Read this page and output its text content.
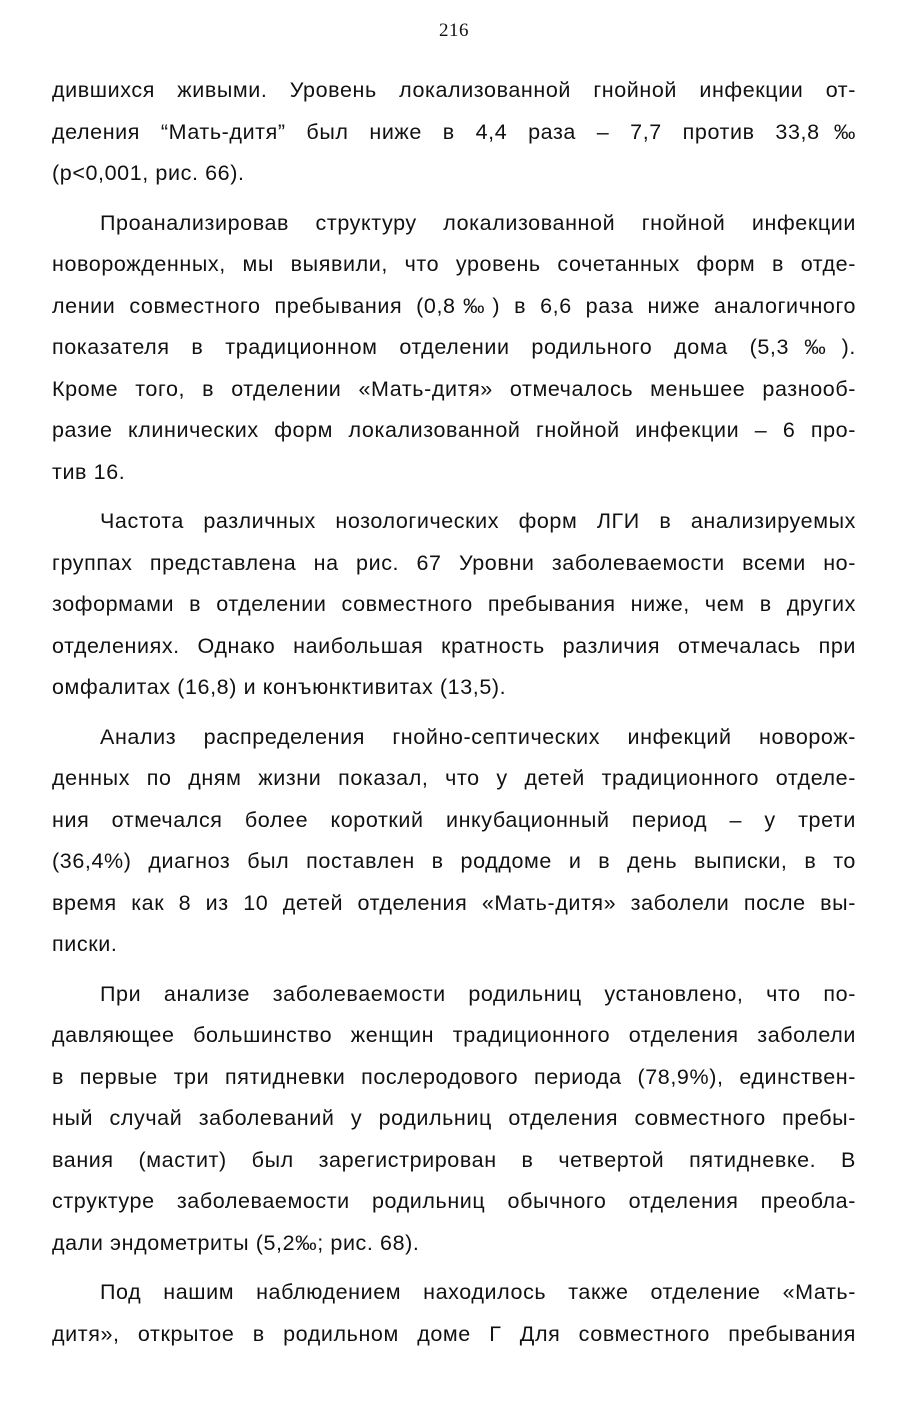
216
дившихся живыми. Уровень локализованной гнойной инфекции от-
деления “Мать-дитя” был ниже в 4,4 раза – 7,7 против 33,8‰
(p<0,001, рис. 66).
Проанализировав структуру локализованной гнойной инфекции
новорожденных, мы выявили, что уровень сочетанных форм в отде-
лении совместного пребывания (0,8‰) в 6,6 раза ниже аналогичного
показателя в традиционном отделении родильного дома (5,3‰).
Кроме того, в отделении «Мать-дитя» отмечалось меньшее разнооб-
разие клинических форм локализованной гнойной инфекции – 6 про-
тив 16.
Частота различных нозологических форм ЛГИ в анализируемых
группах представлена на рис. 67 Уровни заболеваемости всеми но-
зоформами в отделении совместного пребывания ниже, чем в других
отделениях. Однако наибольшая кратность различия отмечалась при
омфалитах (16,8) и конъюнктивитах (13,5).
Анализ распределения гнойно-септических инфекций новорож-
денных по дням жизни показал, что у детей традиционного отделе-
ния отмечался более короткий инкубационный период – у трети
(36,4%) диагноз был поставлен в роддоме и в день выписки, в то
время как 8 из 10 детей отделения «Мать-дитя» заболели после вы-
писки.
При анализе заболеваемости родильниц установлено, что по-
давляющее большинство женщин традиционного отделения заболели
в первые три пятидневки послеродового периода (78,9%), единствен-
ный случай заболеваний у родильниц отделения совместного пребы-
вания (мастит) был зарегистрирован в четвертой пятидневке. В
структуре заболеваемости родильниц обычного отделения преобла-
дали эндометриты (5,2‰; рис. 68).
Под нашим наблюдением находилось также отделение «Мать-
дитя», открытое в родильном доме Г Для совместного пребывания
